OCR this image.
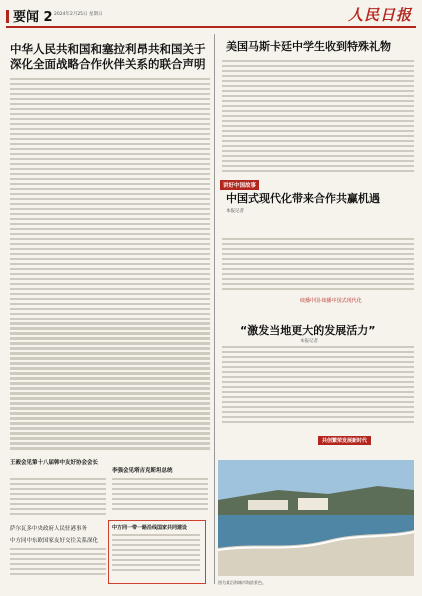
要闻 2 2024年2月25日 星期日	人民日报
中华人民共和国和塞拉利昂共和国关于深化全面战略合作伙伴关系的联合声明
美国马斯卡廷中学生收到特殊礼物
讲好中国故事
中国式现代化带来合作共赢机遇
本报记者
续播中国·续播中国式现代化
“激发当地更大的发展活力”
本报记者
共创繁荣发展新时代
图为某沿海城市海滨景色。
王毅会见第十八届韩中友好协会会长
李强会见塔吉克斯坦总统
萨尔瓦多中央政府人民驻港事务
中方同中东欧国家友好交往关系深化
中方同一带一路沿线国家共同建设
